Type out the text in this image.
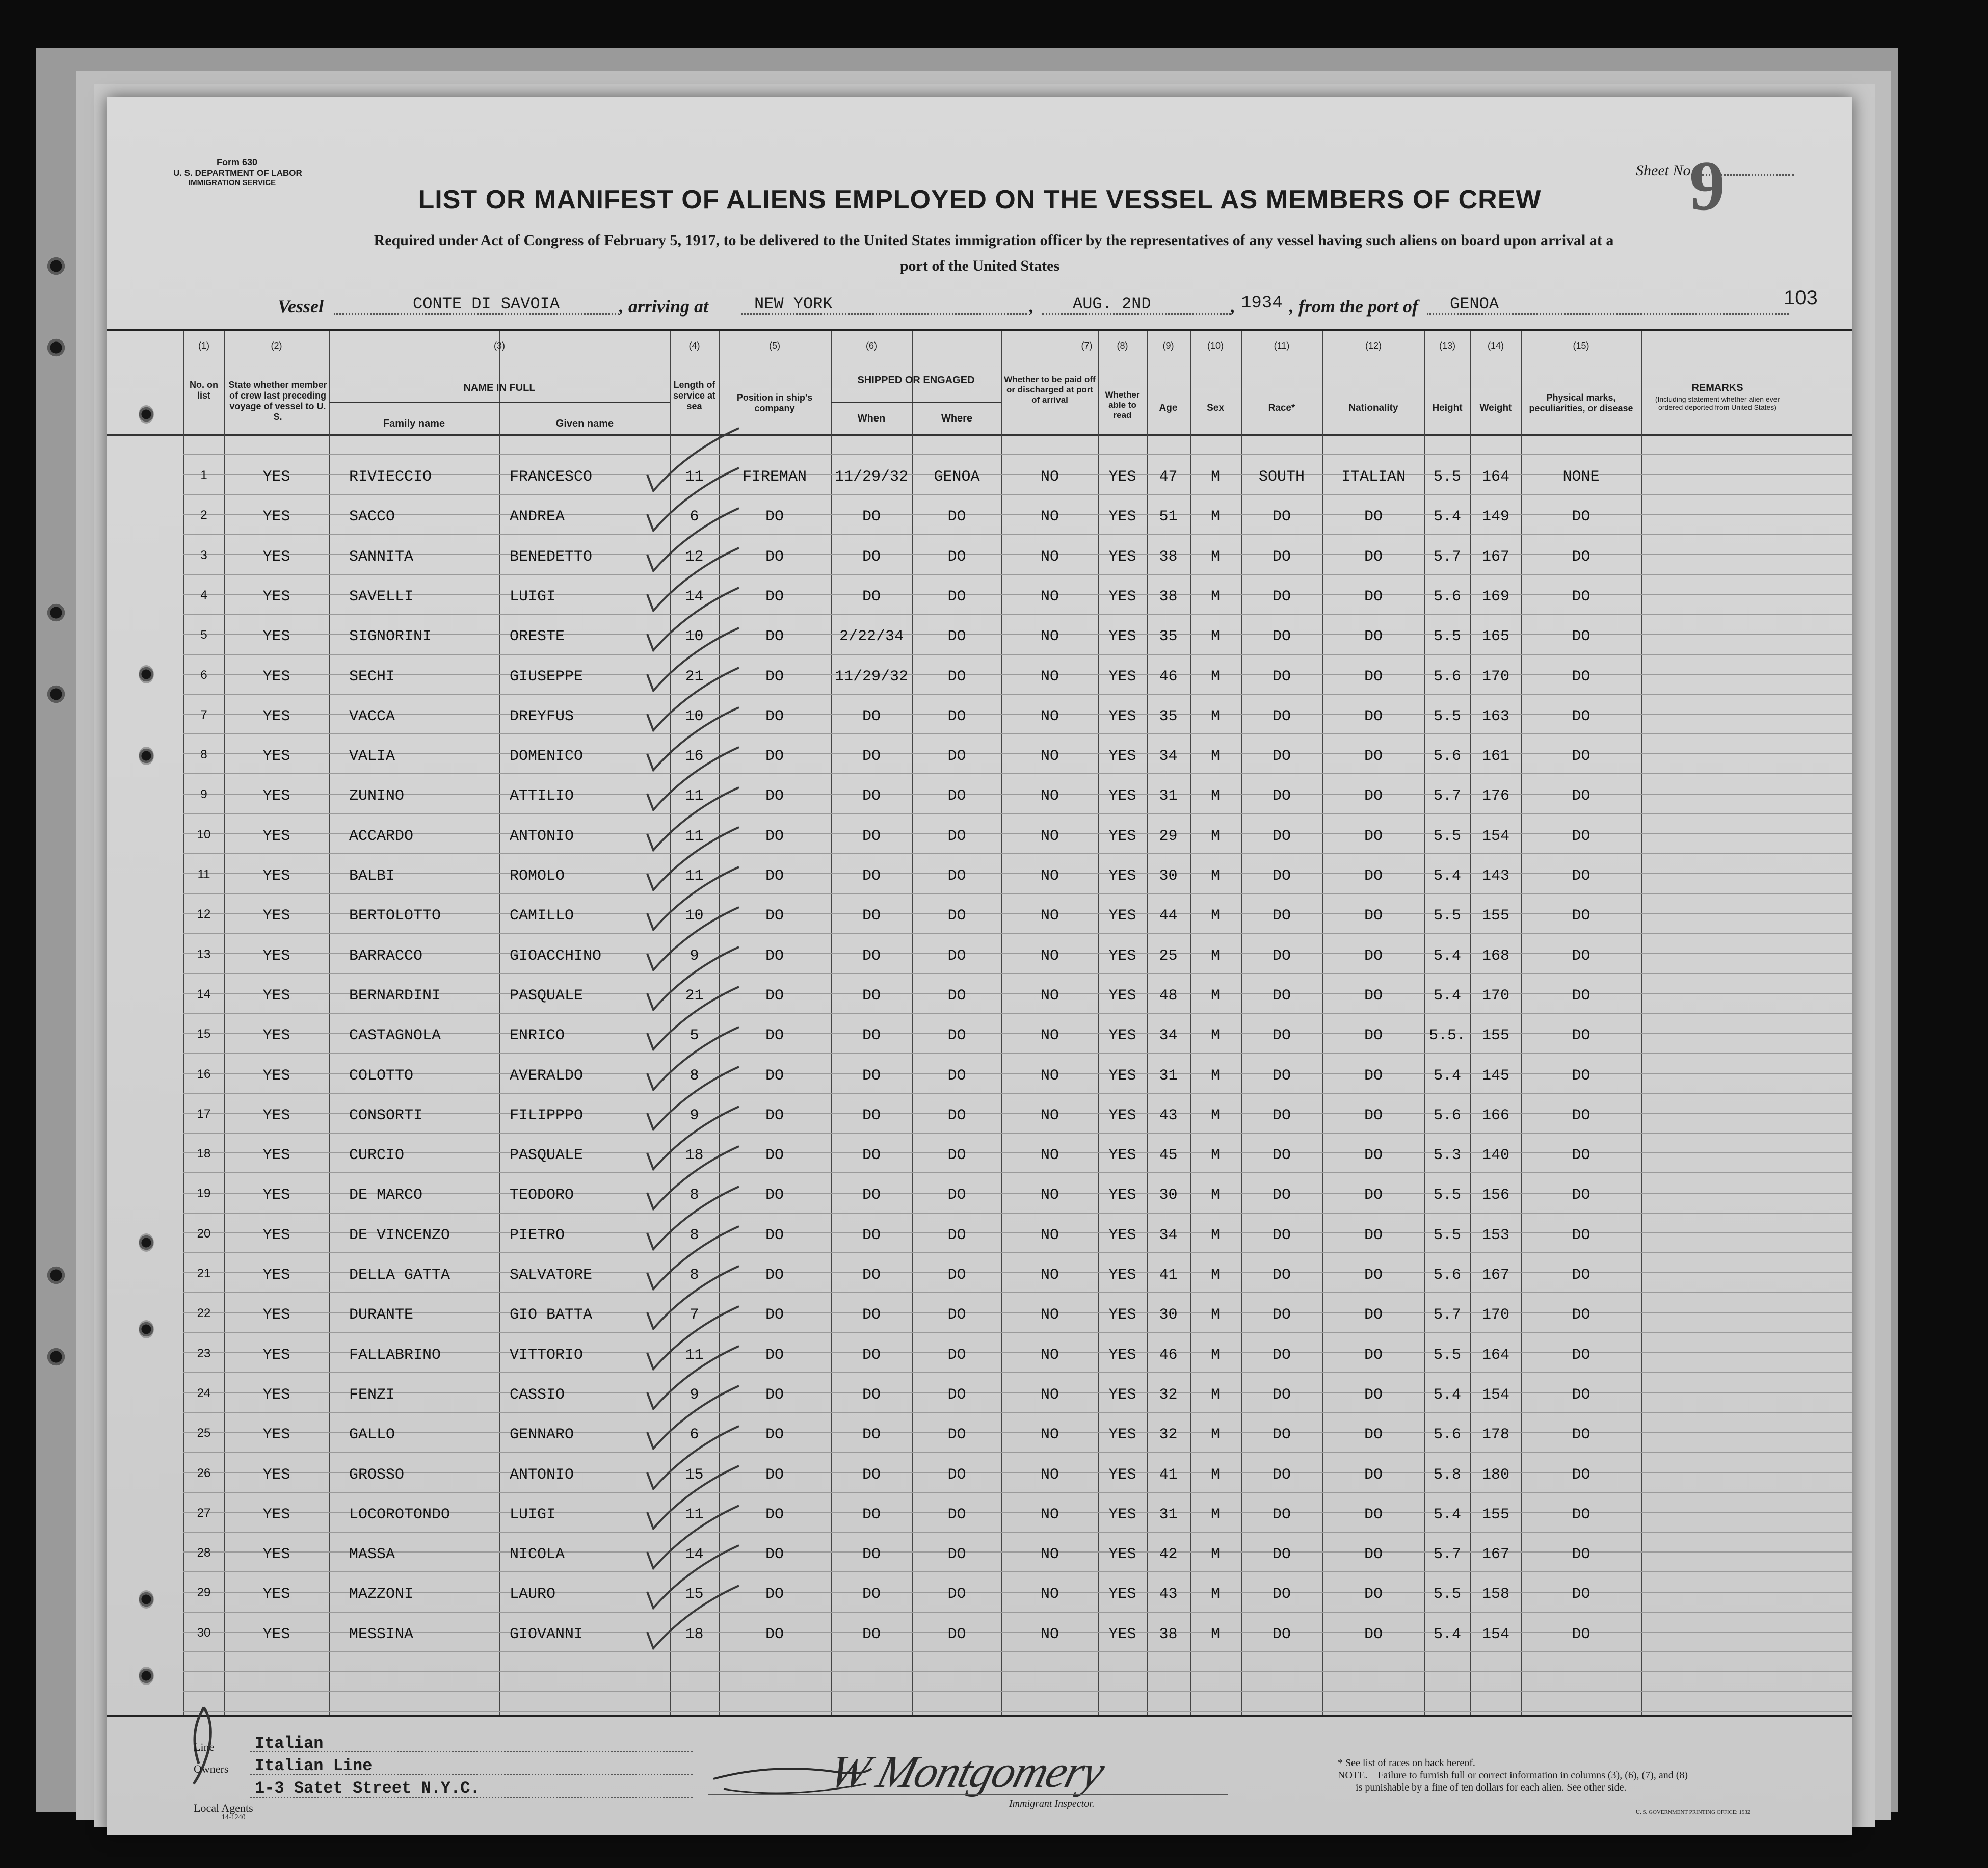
Form 630
U. S. DEPARTMENT OF LABOR
IMMIGRATION SERVICE
Sheet No.
9
LIST OR MANIFEST OF ALIENS EMPLOYED ON THE VESSEL AS MEMBERS OF CREW
Required under Act of Congress of February 5, 1917, to be delivered to the United States immigration officer by the representatives of any vessel having such aliens on board upon arrival at a
port of the United States
Vessel	CONTE DI SAVOIA	, arriving at	NEW YORK	, AUG. 2ND	, 1934 , from the port of GENOA	103
(1)	(2)	(3)	(4)	(5)	(6)	(7)	(8)	(9)	(10)	(11)	(12)	(13)	(14)	(15)
No. on list
State whether member of crew last preceding voyage of vessel to U. S.
NAME IN FULL
Family name	Given name
Length of service at sea
Position in ship's company
SHIPPED OR ENGAGED
When	Where
Whether to be paid off or discharged at port of arrival
Whether able to read
Age	Sex	Race*	Nationality	Height	Weight
Physical marks, peculiarities, or disease
REMARKS
(Including statement whether alien ever ordered deported from United States)
1	YES	RIVIECCIO	FRANCESCO	11	FIREMAN	11/29/32	GENOA	NO	YES	47	M	SOUTH	ITALIAN	5.5	164	NONE
2	YES	SACCO	ANDREA	6	DO	DO	DO	NO	YES	51	M	DO	DO	5.4	149	DO
3	YES	SANNITA	BENEDETTO	12	DO	DO	DO	NO	YES	38	M	DO	DO	5.7	167	DO
4	YES	SAVELLI	LUIGI	14	DO	DO	DO	NO	YES	38	M	DO	DO	5.6	169	DO
5	YES	SIGNORINI	ORESTE	10	DO	2/22/34	DO	NO	YES	35	M	DO	DO	5.5	165	DO
6	YES	SECHI	GIUSEPPE	21	DO	11/29/32	DO	NO	YES	46	M	DO	DO	5.6	170	DO
7	YES	VACCA	DREYFUS	10	DO	DO	DO	NO	YES	35	M	DO	DO	5.5	163	DO
8	YES	VALIA	DOMENICO	16	DO	DO	DO	NO	YES	34	M	DO	DO	5.6	161	DO
9	YES	ZUNINO	ATTILIO	11	DO	DO	DO	NO	YES	31	M	DO	DO	5.7	176	DO
10	YES	ACCARDO	ANTONIO	11	DO	DO	DO	NO	YES	29	M	DO	DO	5.5	154	DO
11	YES	BALBI	ROMOLO	11	DO	DO	DO	NO	YES	30	M	DO	DO	5.4	143	DO
12	YES	BERTOLOTTO	CAMILLO	10	DO	DO	DO	NO	YES	44	M	DO	DO	5.5	155	DO
13	YES	BARRACCO	GIOACCHINO	9	DO	DO	DO	NO	YES	25	M	DO	DO	5.4	168	DO
14	YES	BERNARDINI	PASQUALE	21	DO	DO	DO	NO	YES	48	M	DO	DO	5.4	170	DO
15	YES	CASTAGNOLA	ENRICO	5	DO	DO	DO	NO	YES	34	M	DO	DO	5.5.	155	DO
16	YES	COLOTTO	AVERALDO	8	DO	DO	DO	NO	YES	31	M	DO	DO	5.4	145	DO
17	YES	CONSORTI	FILIPPPO	9	DO	DO	DO	NO	YES	43	M	DO	DO	5.6	166	DO
18	YES	CURCIO	PASQUALE	18	DO	DO	DO	NO	YES	45	M	DO	DO	5.3	140	DO
19	YES	DE MARCO	TEODORO	8	DO	DO	DO	NO	YES	30	M	DO	DO	5.5	156	DO
20	YES	DE VINCENZO	PIETRO	8	DO	DO	DO	NO	YES	34	M	DO	DO	5.5	153	DO
21	YES	DELLA GATTA	SALVATORE	8	DO	DO	DO	NO	YES	41	M	DO	DO	5.6	167	DO
22	YES	DURANTE	GIO BATTA	7	DO	DO	DO	NO	YES	30	M	DO	DO	5.7	170	DO
23	YES	FALLABRINO	VITTORIO	11	DO	DO	DO	NO	YES	46	M	DO	DO	5.5	164	DO
24	YES	FENZI	CASSIO	9	DO	DO	DO	NO	YES	32	M	DO	DO	5.4	154	DO
25	YES	GALLO	GENNARO	6	DO	DO	DO	NO	YES	32	M	DO	DO	5.6	178	DO
26	YES	GROSSO	ANTONIO	15	DO	DO	DO	NO	YES	41	M	DO	DO	5.8	180	DO
27	YES	LOCOROTONDO	LUIGI	11	DO	DO	DO	NO	YES	31	M	DO	DO	5.4	155	DO
28	YES	MASSA	NICOLA	14	DO	DO	DO	NO	YES	42	M	DO	DO	5.7	167	DO
29	YES	MAZZONI	LAURO	15	DO	DO	DO	NO	YES	43	M	DO	DO	5.5	158	DO
30	YES	MESSINA	GIOVANNI	18	DO	DO	DO	NO	YES	38	M	DO	DO	5.4	154	DO
Line Italian
Owners Italian Line
1-3 Satet Street N.Y.C.
Local Agents
14-1240
W Montgomery
Immigrant Inspector.
* See list of races on back hereof.
NOTE.—Failure to furnish full or correct information in columns (3), (6), (7), and (8)
is punishable by a fine of ten dollars for each alien. See other side.
U. S. GOVERNMENT PRINTING OFFICE: 1932
